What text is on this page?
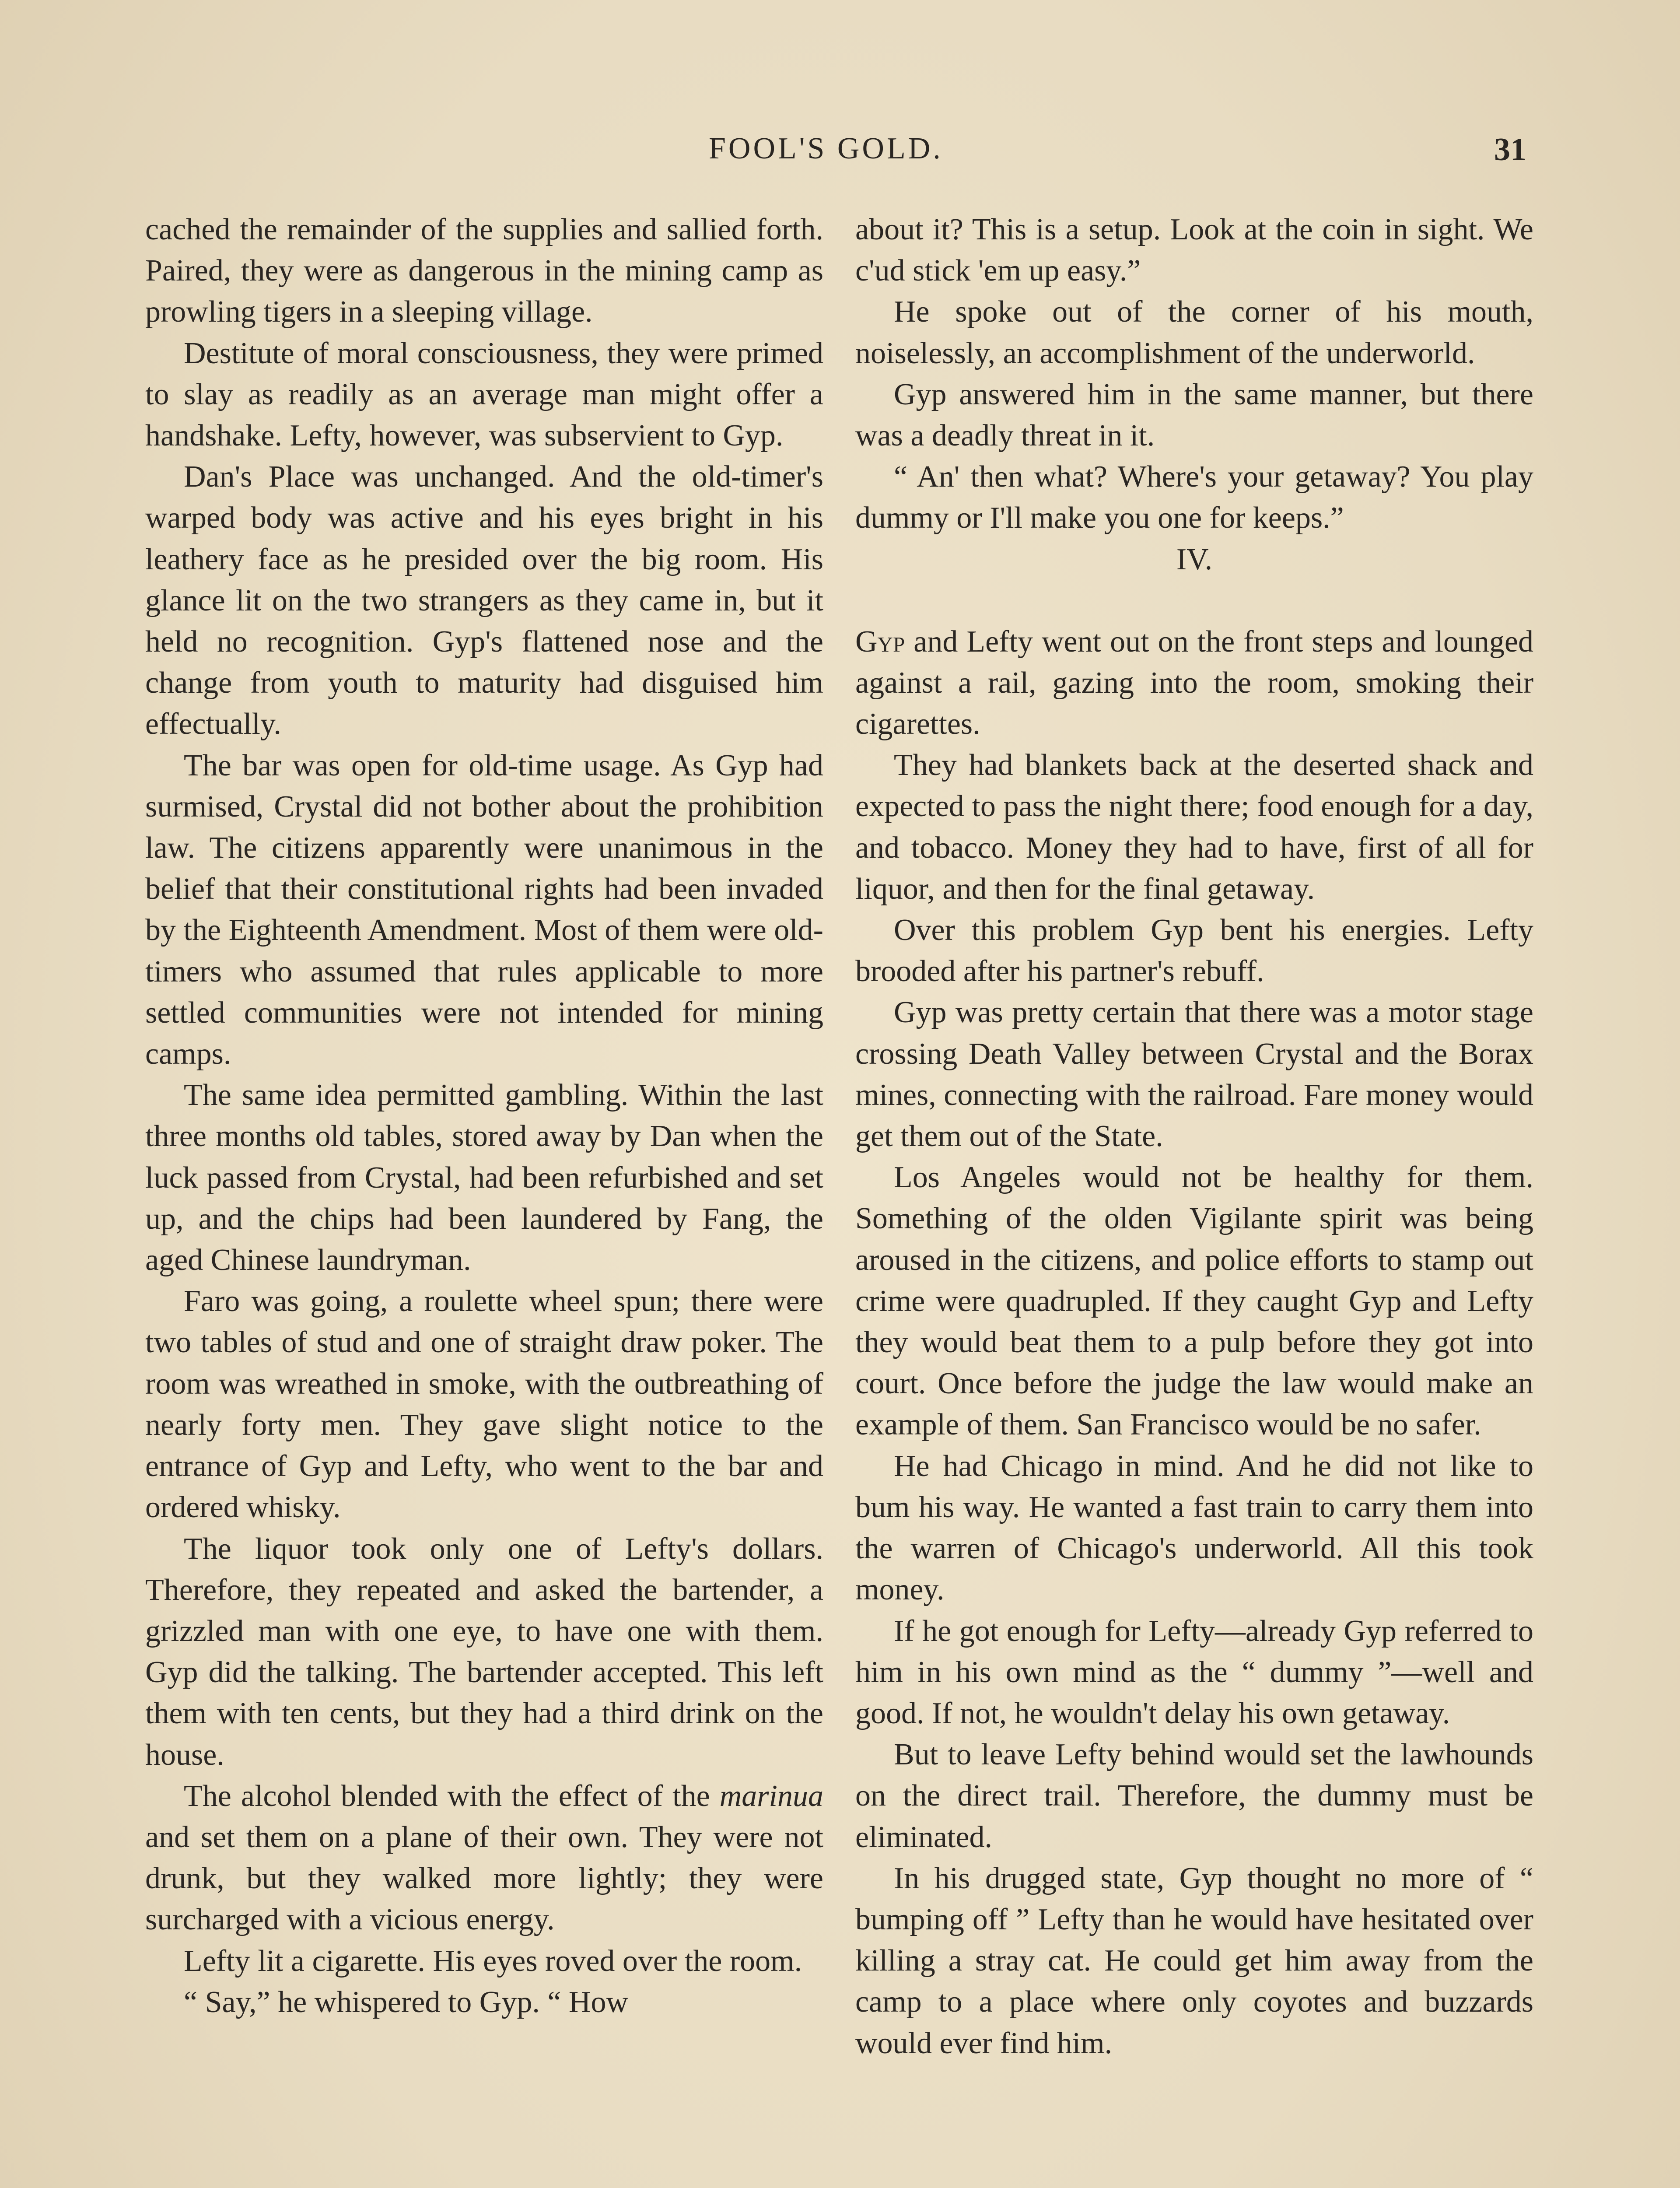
FOOL'S GOLD.	31

cached the remainder of the supplies and sallied forth. Paired, they were as dangerous in the mining camp as prowling tigers in a sleeping village.

Destitute of moral consciousness, they were primed to slay as readily as an average man might offer a handshake. Lefty, however, was subservient to Gyp.

Dan's Place was unchanged. And the old-timer's warped body was active and his eyes bright in his leathery face as he presided over the big room. His glance lit on the two strangers as they came in, but it held no recognition. Gyp's flattened nose and the change from youth to maturity had disguised him effectually.

The bar was open for old-time usage. As Gyp had surmised, Crystal did not bother about the prohibition law. The citizens apparently were unanimous in the belief that their constitutional rights had been invaded by the Eighteenth Amendment. Most of them were old-timers who assumed that rules applicable to more settled communities were not intended for mining camps.

The same idea permitted gambling. Within the last three months old tables, stored away by Dan when the luck passed from Crystal, had been refurbished and set up, and the chips had been laundered by Fang, the aged Chinese laundryman.

Faro was going, a roulette wheel spun; there were two tables of stud and one of straight draw poker. The room was wreathed in smoke, with the outbreathing of nearly forty men. They gave slight notice to the entrance of Gyp and Lefty, who went to the bar and ordered whisky.

The liquor took only one of Lefty's dollars. Therefore, they repeated and asked the bartender, a grizzled man with one eye, to have one with them. Gyp did the talking. The bartender accepted. This left them with ten cents, but they had a third drink on the house.

The alcohol blended with the effect of the marinua and set them on a plane of their own. They were not drunk, but they walked more lightly; they were surcharged with a vicious energy.

Lefty lit a cigarette. His eyes roved over the room.

“ Say,” he whispered to Gyp. “ How

about it? This is a setup. Look at the coin in sight. We c'ud stick 'em up easy.”

He spoke out of the corner of his mouth, noiselessly, an accomplishment of the underworld.

Gyp answered him in the same manner, but there was a deadly threat in it.

“ An' then what? Where's your getaway? You play dummy or I'll make you one for keeps.”

IV.

Gyp and Lefty went out on the front steps and lounged against a rail, gazing into the room, smoking their cigarettes.

They had blankets back at the deserted shack and expected to pass the night there; food enough for a day, and tobacco. Money they had to have, first of all for liquor, and then for the final getaway.

Over this problem Gyp bent his energies. Lefty brooded after his partner's rebuff.

Gyp was pretty certain that there was a motor stage crossing Death Valley between Crystal and the Borax mines, connecting with the railroad. Fare money would get them out of the State.

Los Angeles would not be healthy for them. Something of the olden Vigilante spirit was being aroused in the citizens, and police efforts to stamp out crime were quadrupled. If they caught Gyp and Lefty they would beat them to a pulp before they got into court. Once before the judge the law would make an example of them. San Francisco would be no safer.

He had Chicago in mind. And he did not like to bum his way. He wanted a fast train to carry them into the warren of Chicago's underworld. All this took money.

If he got enough for Lefty—already Gyp referred to him in his own mind as the “ dummy ”—well and good. If not, he wouldn't delay his own getaway.

But to leave Lefty behind would set the lawhounds on the direct trail. Therefore, the dummy must be eliminated.

In his drugged state, Gyp thought no more of “ bumping off ” Lefty than he would have hesitated over killing a stray cat. He could get him away from the camp to a place where only coyotes and buzzards would ever find him.
